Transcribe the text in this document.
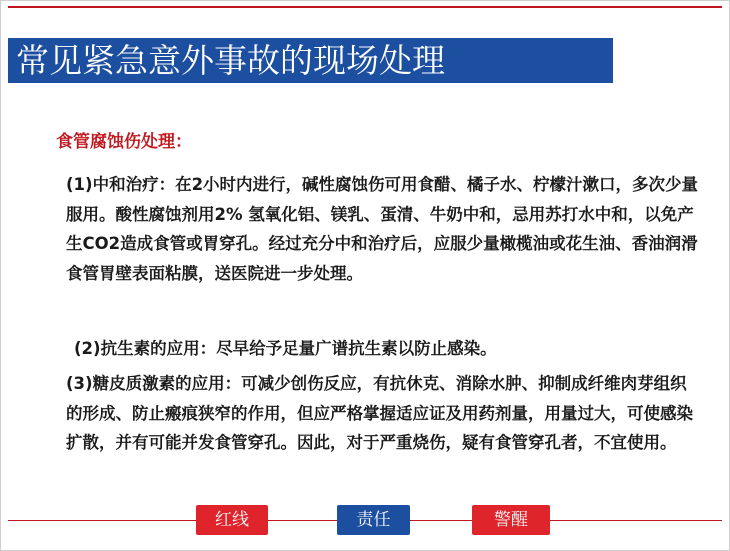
常见紧急意外事故的现场处理
食管腐蚀伤处理：
(1)中和治疗：在2小时内进行，碱性腐蚀伤可用食醋、橘子水、柠檬汁漱口，多次少量服用。酸性腐蚀剂用2% 氢氧化铝、镁乳、蛋清、牛奶中和，忌用苏打水中和，以免产生CO2造成食管或胃穿孔。经过充分中和治疗后，应服少量橄榄油或花生油、香油润滑食管胃壁表面粘膜，送医院进一步处理。
(2)抗生素的应用：尽早给予足量广谱抗生素以防止感染。
(3)糖皮质激素的应用：可减少创伤反应，有抗休克、消除水肿、抑制成纤维肉芽组织的形成、防止瘢痕狭窄的作用，但应严格掌握适应证及用药剂量，用量过大，可使感染扩散，并有可能并发食管穿孔。因此，对于严重烧伤，疑有食管穿孔者，不宜使用。
红线	责任	警醒
